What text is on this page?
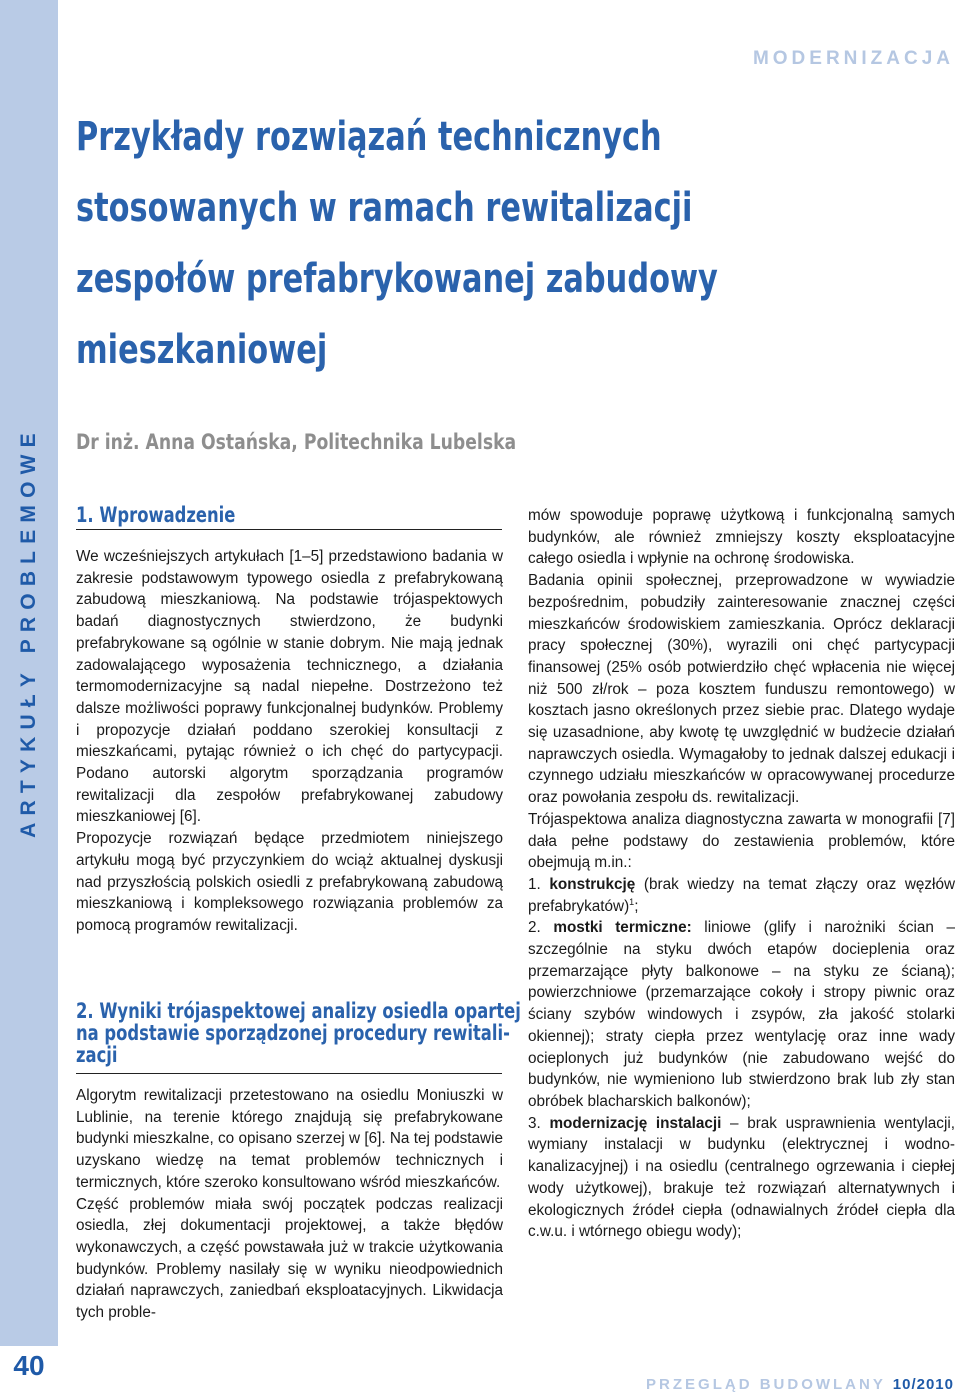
ARTYKUŁY PROBLEMOWE
40
MODERNIZACJA
Przykłady rozwiązań technicznych
stosowanych w ramach rewitalizacji
zespołów prefabrykowanej zabudowy
mieszkaniowej
Dr inż. Anna Ostańska, Politechnika Lubelska
1. Wprowadzenie

We wcześniejszych artykułach [1–5] przedstawiono badania w zakresie podstawowym typowego osiedla z prefabrykowaną zabudową mieszkaniową. Na podstawie trójaspektowych badań diagnostycznych stwierdzono, że budynki prefabrykowane są ogólnie w stanie dobrym. Nie mają jednak zadowalającego wyposażenia technicznego, a działania termomodernizacyjne są nadal niepełne. Dostrzeżono też dalsze możliwości poprawy funkcjonalnej budynków. Problemy i propozycje działań poddano szerokiej konsultacji z mieszkańcami, pytając również o ich chęć do partycypacji. Podano autorski algorytm sporządzania programów rewitalizacji dla zespołów prefabrykowanej zabudowy mieszkaniowej [6].

Propozycje rozwiązań będące przedmiotem niniejszego artykułu mogą być przyczynkiem do wciąż aktualnej dyskusji nad przyszłością polskich osiedli z prefabrykowaną zabudową mieszkaniową i kompleksowego rozwiązania problemów za pomocą programów rewitalizacji.

2. Wyniki trójaspektowej analizy osiedla opartej
na podstawie sporządzonej procedury rewitali-
zacji

Algorytm rewitalizacji przetestowano na osiedlu Moniuszki w Lublinie, na terenie którego znajdują się prefabrykowane budynki mieszkalne, co opisano szerzej w [6]. Na tej podstawie uzyskano wiedzę na temat problemów technicznych i termicznych, które szeroko konsultowano wśród mieszkańców.

Część problemów miała swój początek podczas realizacji osiedla, złej dokumentacji projektowej, a także błędów wykonawczych, a część powstawała już w trakcie użytkowania budynków. Problemy nasilały się w wyniku nieodpowiednich działań naprawczych, zaniedbań eksploatacyjnych. Likwidacja tych proble-

mów spowoduje poprawę użytkową i funkcjonalną samych budynków, ale również zmniejszy koszty eksploatacyjne całego osiedla i wpłynie na ochronę środowiska.

Badania opinii społecznej, przeprowadzone w wywiadzie bezpośrednim, pobudziły zainteresowanie znacznej części mieszkańców środowiskiem zamieszkania. Oprócz deklaracji pracy społecznej (30%), wyrazili oni chęć partycypacji finansowej (25% osób potwierdziło chęć wpłacenia nie więcej niż 500 zł/rok – poza kosztem funduszu remontowego) w kosztach jasno określonych przez siebie prac. Dlatego wydaje się uzasadnione, aby kwotę tę uwzględnić w budżecie działań naprawczych osiedla. Wymagałoby to jednak dalszej edukacji i czynnego udziału mieszkańców w opracowywanej procedurze oraz powołania zespołu ds. rewitalizacji.

Trójaspektowa analiza diagnostyczna zawarta w monografii [7] dała pełne podstawy do zestawienia problemów, które obejmują m.in.:

1. konstrukcję (brak wiedzy na temat złączy oraz węzłów prefabrykatów)$^1$;

2. mostki termiczne: liniowe (glify i narożniki ścian – szczególnie na styku dwóch etapów docieplenia oraz przemarzające płyty balkonowe – na styku ze ścianą); powierzchniowe (przemarzające cokoły i stropy piwnic oraz ściany szybów windowych i zsypów, zła jakość stolarki okiennej); straty ciepła przez wentylację oraz inne wady ocieplonych już budynków (nie zabudowano wejść do budynków, nie wymieniono lub stwierdzono brak lub zły stan obróbek blacharskich balkonów);

3. modernizację instalacji – brak usprawnienia wentylacji, wymiany instalacji w budynku (elektrycznej i wodno-kanalizacyjnej) i na osiedlu (centralnego ogrzewania i ciepłej wody użytkowej), brakuje też rozwiązań alternatywnych i ekologicznych źródeł ciepła (odnawialnych źródeł ciepła dla c.w.u. i wtórnego obiegu wody);

PRZEGLĄD BUDOWLANY 10/2010
